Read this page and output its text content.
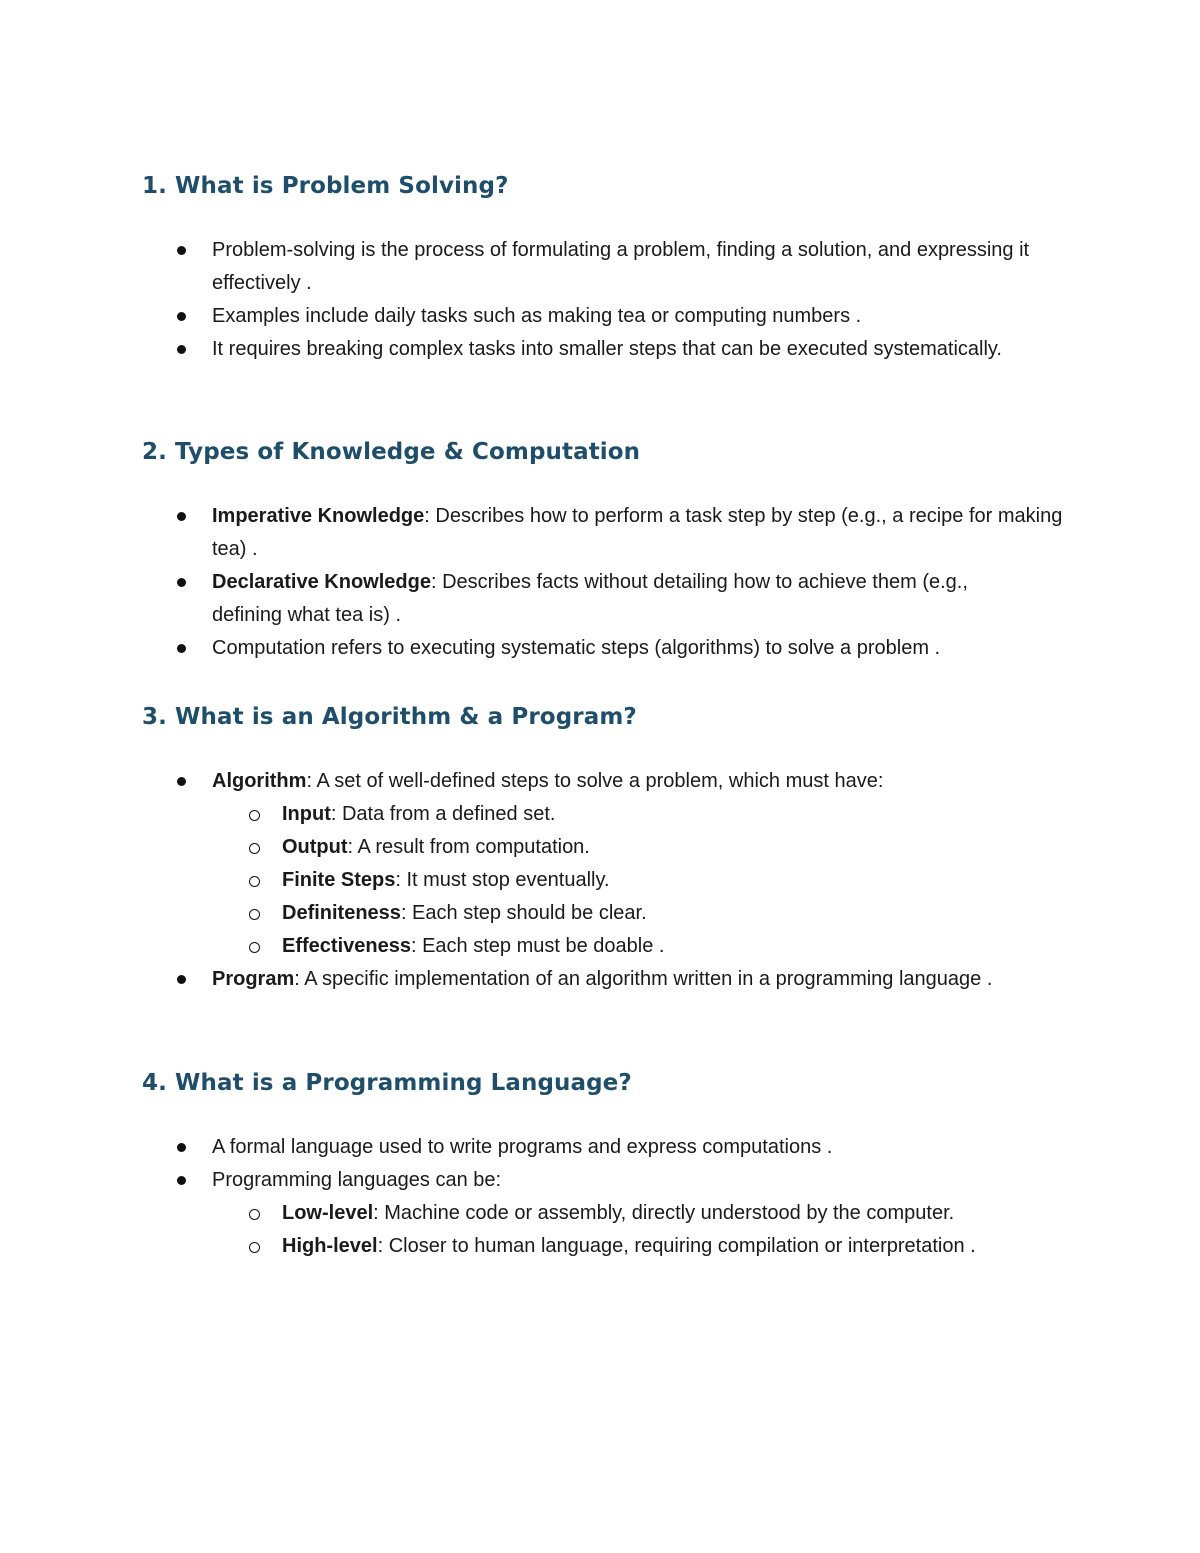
1. What is Problem Solving?
Problem-solving is the process of formulating a problem, finding a solution, and expressing it effectively .
Examples include daily tasks such as making tea or computing numbers .
It requires breaking complex tasks into smaller steps that can be executed systematically.
2. Types of Knowledge & Computation
Imperative Knowledge: Describes how to perform a task step by step (e.g., a recipe for making tea) .
Declarative Knowledge: Describes facts without detailing how to achieve them (e.g., defining what tea is) .
Computation refers to executing systematic steps (algorithms) to solve a problem .
3. What is an Algorithm & a Program?
Algorithm: A set of well-defined steps to solve a problem, which must have:
Input: Data from a defined set.
Output: A result from computation.
Finite Steps: It must stop eventually.
Definiteness: Each step should be clear.
Effectiveness: Each step must be doable .
Program: A specific implementation of an algorithm written in a programming language .
4. What is a Programming Language?
A formal language used to write programs and express computations .
Programming languages can be:
Low-level: Machine code or assembly, directly understood by the computer.
High-level: Closer to human language, requiring compilation or interpretation .
